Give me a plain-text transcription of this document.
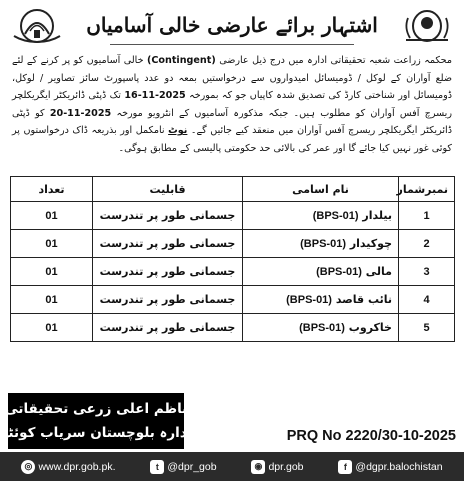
اشتہار برائے عارضی خالی آسامیاں
محکمہ زراعت شعبہ تحقیقاتی ادارہ میں درج ذیل عارضی (Contingent) خالی آسامیوں کو پر کرنے کے لئے ضلع آواران کے لوکل / ڈومیسائل امیدواروں سے درخواستیں بمعہ دو عدد پاسپورٹ سائز تصاویر / لوکل، ڈومیسائل اور شناختی کارڈ کی تصدیق شدہ کاپیاں جو کہ بمورخہ 16-11-2025 تک ڈپٹی ڈائریکٹر ایگریکلچر ریسرچ آفس آواران کو مطلوب ہیں۔ جبکہ مذکورہ آسامیوں کے انٹرویو مورخہ 20-11-2025 کو ڈپٹی ڈائریکٹر ایگریکلچر ریسرچ آفس آواران میں منعقد کیے جائیں گے۔ نوٹ نامکمل اور بذریعہ ڈاک درخواستوں پر کوئی غور نہیں کیا جائے گا اور عمر کی بالائی حد حکومتی پالیسی کے مطابق ہوگی۔
نمبرشمار	نام اسامی	قابلیت	تعداد
1	بیلدار (BPS-01)	جسمانی طور پر تندرست	01
2	چوکیدار (BPS-01)	جسمانی طور پر تندرست	01
3	مالی (BPS-01)	جسمانی طور پر تندرست	01
4	نائب قاصد (BPS-01)	جسمانی طور پر تندرست	01
5	خاکروب (BPS-01)	جسمانی طور پر تندرست	01
ناظم اعلی زرعی تحقیقاتی
ادارہ بلوچستان سریاب کوئٹہ	PRQ No 2220/30-10-2025
◎ www.dpr.gob.pk.	t @dpr_gob	◉ dpr.gob	f @dgpr.balochistan
